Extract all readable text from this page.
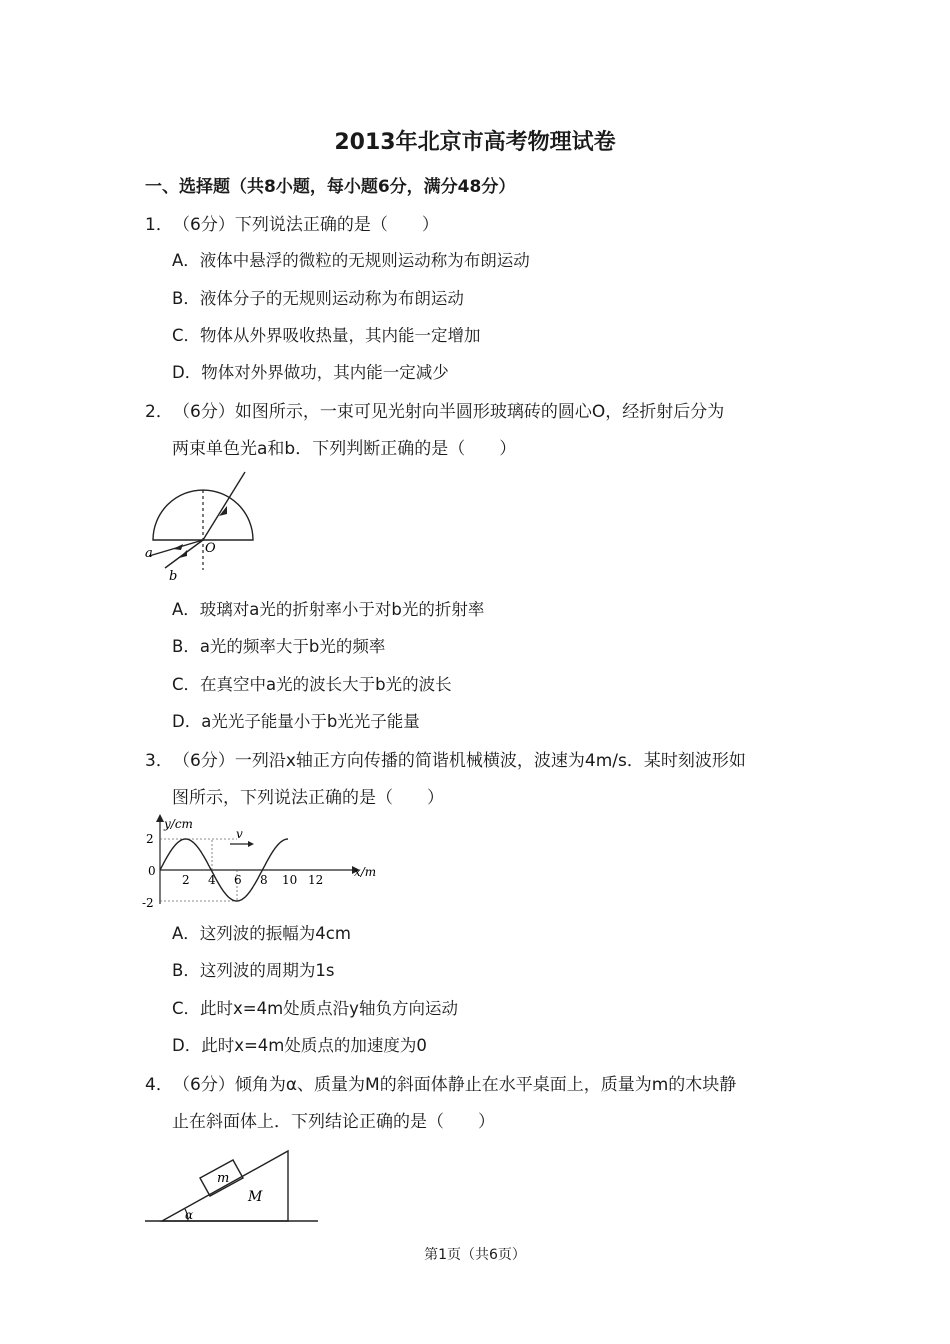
2013年北京市高考物理试卷
一、选择题（共8小题，每小题6分，满分48分）
1．（6分）下列说法正确的是（　　）
A．液体中悬浮的微粒的无规则运动称为布朗运动
B．液体分子的无规则运动称为布朗运动
C．物体从外界吸收热量，其内能一定增加
D．物体对外界做功，其内能一定减少
2．（6分）如图所示，一束可见光射向半圆形玻璃砖的圆心O，经折射后分为
两束单色光a和b．下列判断正确的是（　　）
O
a
b
A．玻璃对a光的折射率小于对b光的折射率
B．a光的频率大于b光的频率
C．在真空中a光的波长大于b光的波长
D．a光光子能量小于b光光子能量
3．（6分）一列沿x轴正方向传播的简谐机械横波，波速为4m/s．某时刻波形如
图所示，下列说法正确的是（　　）
y/cm
x/m
v
2
0
-2
2 4 6 8 10 12
A．这列波的振幅为4cm
B．这列波的周期为1s
C．此时x=4m处质点沿y轴负方向运动
D．此时x=4m处质点的加速度为0
4．（6分）倾角为α、质量为M的斜面体静止在水平桌面上，质量为m的木块静
止在斜面体上．下列结论正确的是（　　）
m
M
α
第1页（共6页）
